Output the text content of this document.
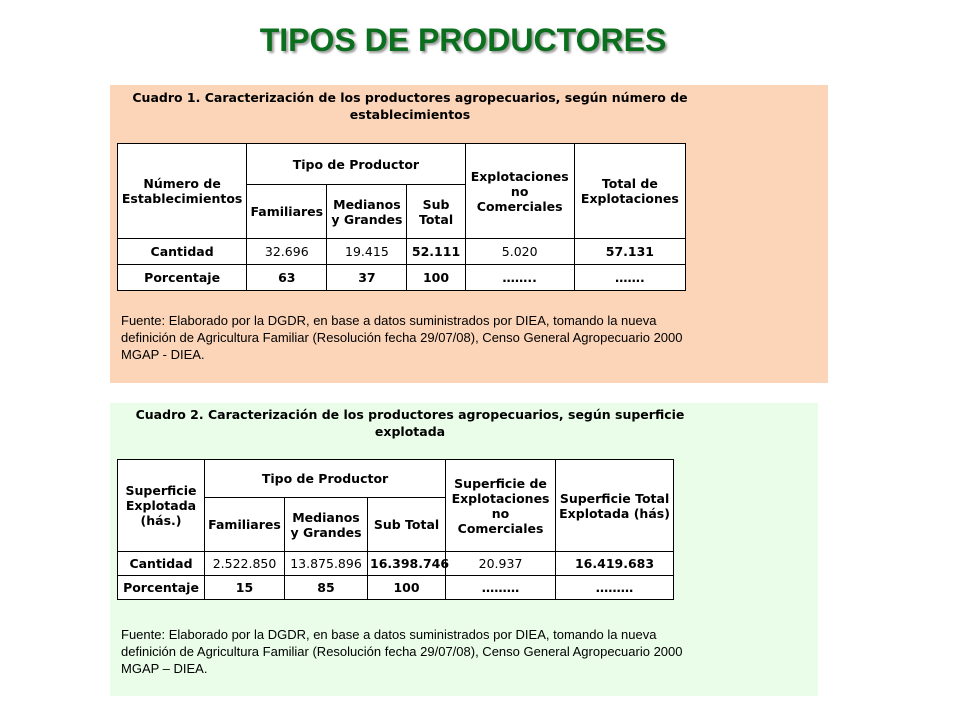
TIPOS DE PRODUCTORES
Cuadro 1. Caracterización de los productores agropecuarios, según número de establecimientos
Número de Establecimientos	Tipo de Productor			Explotaciones no Comerciales	Total de Explotaciones
	Familiares	Medianos y Grandes	Sub Total		
Cantidad	32.696	19.415	52.111	5.020	57.131
Porcentaje	63	37	100	……..	…….
Fuente: Elaborado por la DGDR, en base a datos suministrados por DIEA, tomando la nueva definición de Agricultura Familiar (Resolución fecha 29/07/08), Censo General Agropecuario 2000 MGAP - DIEA.
Cuadro 2. Caracterización de los productores agropecuarios, según superficie explotada
Superficie Explotada (hás.)	Tipo de Productor			Superficie de Explotaciones no Comerciales	Superficie Total Explotada (hás)
	Familiares	Medianos y Grandes	Sub Total		
Cantidad	2.522.850	13.875.896	16.398.746	20.937	16.419.683
Porcentaje	15	85	100	………	………
Fuente: Elaborado por la DGDR, en base a datos suministrados por DIEA, tomando la nueva definición de Agricultura Familiar (Resolución fecha 29/07/08), Censo General Agropecuario 2000 MGAP – DIEA.
